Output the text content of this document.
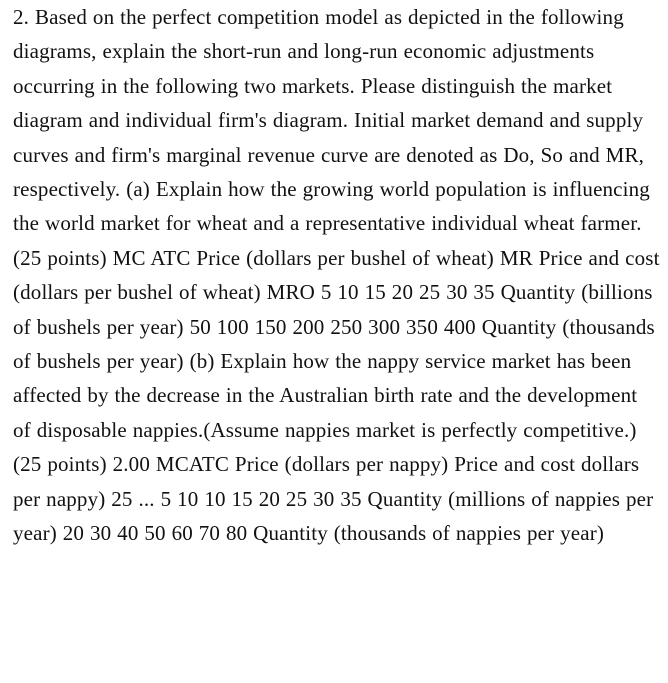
2. Based on the perfect competition model as depicted in the following diagrams, explain the short-run and long-run economic adjustments occurring in the following two markets. Please distinguish the market diagram and individual firm's diagram. Initial market demand and supply curves and firm's marginal revenue curve are denoted as Do, So and MR, respectively. (a) Explain how the growing world population is influencing the world market for wheat and a representative individual wheat farmer. (25 points) MC ATC Price (dollars per bushel of wheat) MR Price and cost (dollars per bushel of wheat) MRO 5 10 15 20 25 30 35 Quantity (billions of bushels per year) 50 100 150 200 250 300 350 400 Quantity (thousands of bushels per year) (b) Explain how the nappy service market has been affected by the decrease in the Australian birth rate and the development of disposable nappies.(Assume nappies market is perfectly competitive.) (25 points) 2.00 MCATC Price (dollars per nappy) Price and cost dollars per nappy) 25 ... 5 10 10 15 20 25 30 35 Quantity (millions of nappies per year) 20 30 40 50 60 70 80 Quantity (thousands of nappies per year)
